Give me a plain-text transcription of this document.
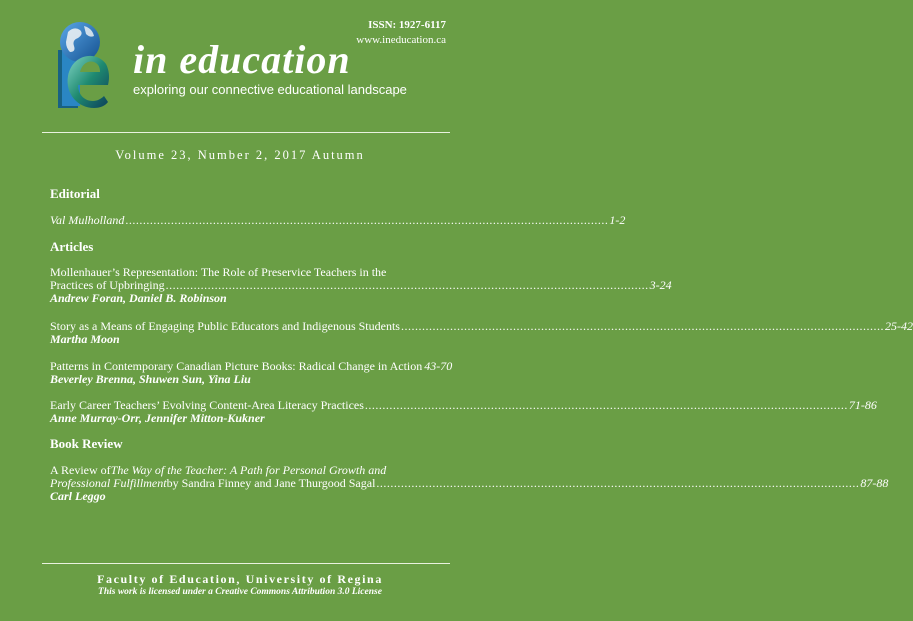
in education
exploring our connective educational landscape
ISSN: 1927-6117
www.ineducation.ca
Volume 23, Number 2, 2017 Autumn
Editorial
Val Mulholland .......................................................................................................................................... 1-2
Articles
Mollenhauer’s Representation: The Role of Preservice Teachers in the
Practices of Upbringing .......................................................................................................................................... 3-24
Andrew Foran, Daniel B. Robinson
Story as a Means of Engaging Public Educators and Indigenous Students .......................................................................................................................................... 25-42
Martha Moon
Patterns in Contemporary Canadian Picture Books: Radical Change in Action 43-70
Beverley Brenna, Shuwen Sun, Yina Liu
Early Career Teachers’ Evolving Content-Area Literacy Practices .......................................................................................................................................... 71-86
Anne Murray-Orr, Jennifer Mitton-Kukner
Book Review
A Review of The Way of the Teacher: A Path for Personal Growth and
Professional Fulfillment by Sandra Finney and Jane Thurgood Sagal .......................................................................................................................................... 87-88
Carl Leggo
Faculty of Education, University of Regina
This work is licensed under a Creative Commons Attribution 3.0 License
